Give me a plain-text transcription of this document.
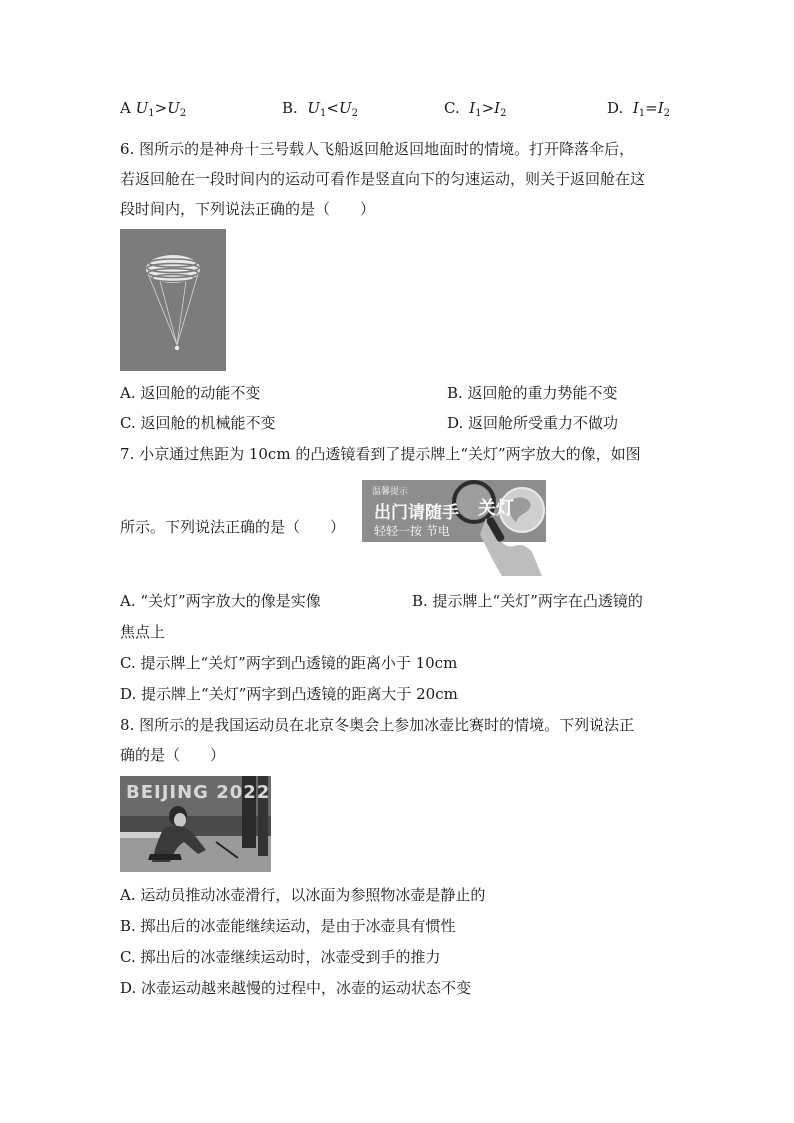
A $U_1>U_2$	B. $U_1<U_2$	C. $I_1>I_2$	D. $I_1=I_2$
6. 图所示的是神舟十三号载人飞船返回舱返回地面时的情境。打开降落伞后，
若返回舱在一段时间内的运动可看作是竖直向下的匀速运动，则关于返回舱在这
段时间内，下列说法正确的是（　　）
A. 返回舱的动能不变	B. 返回舱的重力势能不变
C. 返回舱的机械能不变	D. 返回舱所受重力不做功
7. 小京通过焦距为 10cm 的凸透镜看到了提示牌上“关灯”两字放大的像，如图
温馨提示
出门请随手 关灯
轻轻一按 节电
所示。下列说法正确的是（　　）
A. “关灯”两字放大的像是实像	B. 提示牌上“关灯”两字在凸透镜的
焦点上
C. 提示牌上“关灯”两字到凸透镜的距离小于 10cm
D. 提示牌上“关灯”两字到凸透镜的距离大于 20cm
8. 图所示的是我国运动员在北京冬奥会上参加冰壶比赛时的情境。下列说法正
确的是（　　）
BEIJING 2022
A. 运动员推动冰壶滑行，以冰面为参照物冰壶是静止的
B. 掷出后的冰壶能继续运动，是由于冰壶具有惯性
C. 掷出后的冰壶继续运动时，冰壶受到手的推力
D. 冰壶运动越来越慢的过程中，冰壶的运动状态不变
